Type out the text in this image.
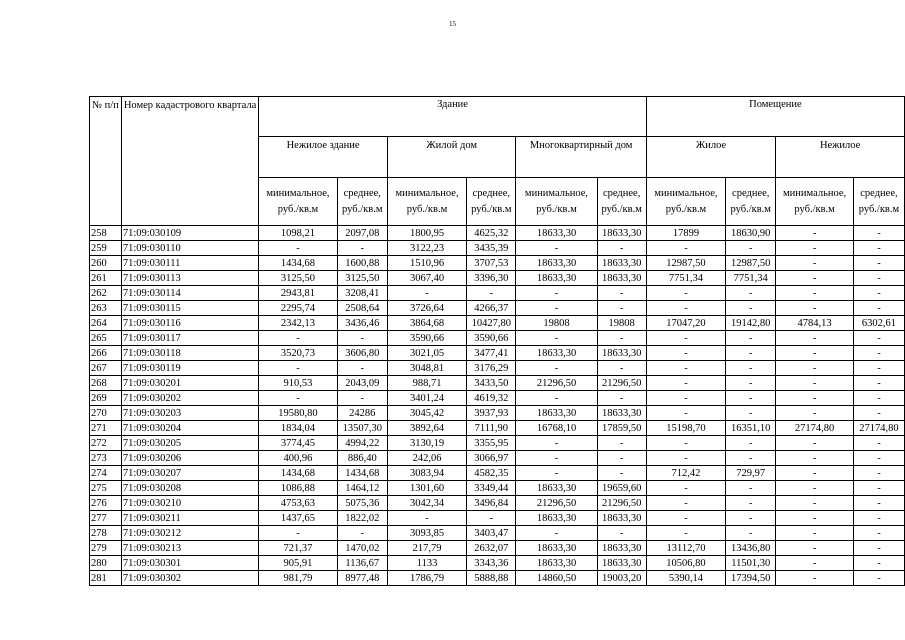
15
№ п/п	Номер кадастрового квартала	Здание						Помещение			
		Нежилое здание		Жилой дом		Многоквартирный дом		Жилое		Нежилое	
		минимальное, руб./кв.м	среднее, руб./кв.м	минимальное, руб./кв.м	среднее, руб./кв.м	минимальное, руб./кв.м	среднее, руб./кв.м	минимальное, руб./кв.м	среднее, руб./кв.м	минимальное, руб./кв.м	среднее, руб./кв.м
258	71:09:030109	1098,21	2097,08	1800,95	4625,32	18633,30	18633,30	17899	18630,90	-	-
259	71:09:030110	-	-	3122,23	3435,39	-	-	-	-	-	-
260	71:09:030111	1434,68	1600,88	1510,96	3707,53	18633,30	18633,30	12987,50	12987,50	-	-
261	71:09:030113	3125,50	3125,50	3067,40	3396,30	18633,30	18633,30	7751,34	7751,34	-	-
262	71:09:030114	2943,81	3208,41	-	-	-	-	-	-	-	-
263	71:09:030115	2295,74	2508,64	3726,64	4266,37	-	-	-	-	-	-
264	71:09:030116	2342,13	3436,46	3864,68	10427,80	19808	19808	17047,20	19142,80	4784,13	6302,61
265	71:09:030117	-	-	3590,66	3590,66	-	-	-	-	-	-
266	71:09:030118	3520,73	3606,80	3021,05	3477,41	18633,30	18633,30	-	-	-	-
267	71:09:030119	-	-	3048,81	3176,29	-	-	-	-	-	-
268	71:09:030201	910,53	2043,09	988,71	3433,50	21296,50	21296,50	-	-	-	-
269	71:09:030202	-	-	3401,24	4619,32	-	-	-	-	-	-
270	71:09:030203	19580,80	24286	3045,42	3937,93	18633,30	18633,30	-	-	-	-
271	71:09:030204	1834,04	13507,30	3892,64	7111,90	16768,10	17859,50	15198,70	16351,10	27174,80	27174,80
272	71:09:030205	3774,45	4994,22	3130,19	3355,95	-	-	-	-	-	-
273	71:09:030206	400,96	886,40	242,06	3066,97	-	-	-	-	-	-
274	71:09:030207	1434,68	1434,68	3083,94	4582,35	-	-	712,42	729,97	-	-
275	71:09:030208	1086,88	1464,12	1301,60	3349,44	18633,30	19659,60	-	-	-	-
276	71:09:030210	4753,63	5075,36	3042,34	3496,84	21296,50	21296,50	-	-	-	-
277	71:09:030211	1437,65	1822,02	-	-	18633,30	18633,30	-	-	-	-
278	71:09:030212	-	-	3093,85	3403,47	-	-	-	-	-	-
279	71:09:030213	721,37	1470,02	217,79	2632,07	18633,30	18633,30	13112,70	13436,80	-	-
280	71:09:030301	905,91	1136,67	1133	3343,36	18633,30	18633,30	10506,80	11501,30	-	-
281	71:09:030302	981,79	8977,48	1786,79	5888,88	14860,50	19003,20	5390,14	17394,50	-	-
